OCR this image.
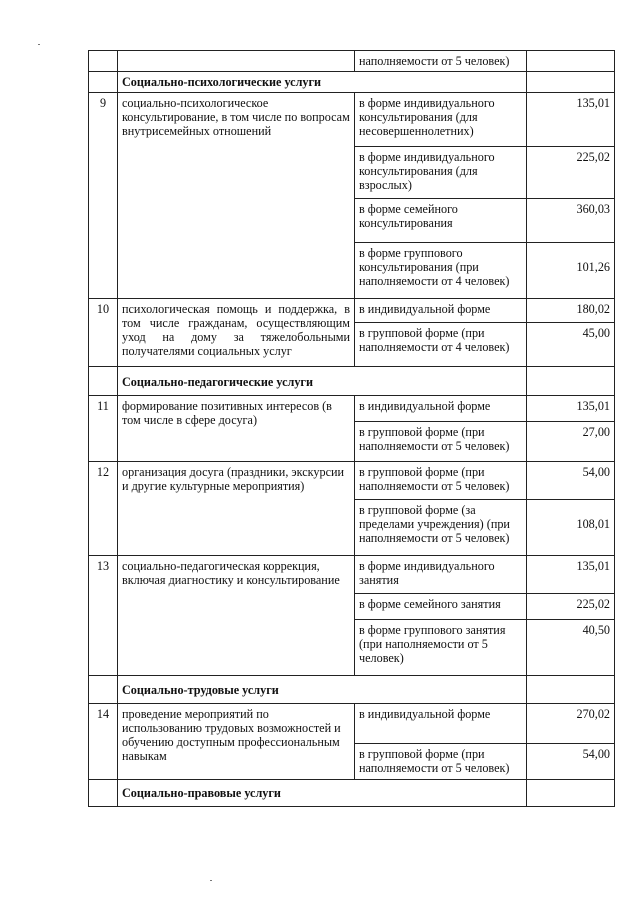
		наполняемости от 5 человек)	
	Социально-психологические услуги		
9	социально-психологическое консультирование, в том числе по вопросам внутрисемейных отношений	в форме индивидуального консультирования (для несовершеннолетних)	135,01
		в форме индивидуального консультирования (для взрослых)	225,02
		в форме семейного консультирования	360,03
		в форме группового консультирования (при наполняемости от 4 человек)	101,26
10	психологическая помощь и поддержка, в том числе гражданам, осуществляющим уход на дому за тяжелобольными получателями социальных услуг	в индивидуальной форме	180,02
		в групповой форме (при наполняемости от 4 человек)	45,00
	Социально-педагогические услуги		
11	формирование позитивных интересов (в том числе в сфере досуга)	в индивидуальной форме	135,01
		в групповой форме (при наполняемости от 5 человек)	27,00
12	организация досуга (праздники, экскурсии и другие культурные мероприятия)	в групповой форме (при наполняемости от 5 человек)	54,00
		в групповой форме (за пределами учреждения) (при наполняемости от 5 человек)	108,01
13	социально-педагогическая коррекция, включая диагностику и консультирование	в форме индивидуального занятия	135,01
		в форме семейного занятия	225,02
		в форме группового занятия (при наполняемости от 5 человек)	40,50
	Социально-трудовые услуги		
14	проведение мероприятий по использованию трудовых возможностей и обучению доступным профессиональным навыкам	в индивидуальной форме	270,02
		в групповой форме (при наполняемости от 5 человек)	54,00
	Социально-правовые услуги		
